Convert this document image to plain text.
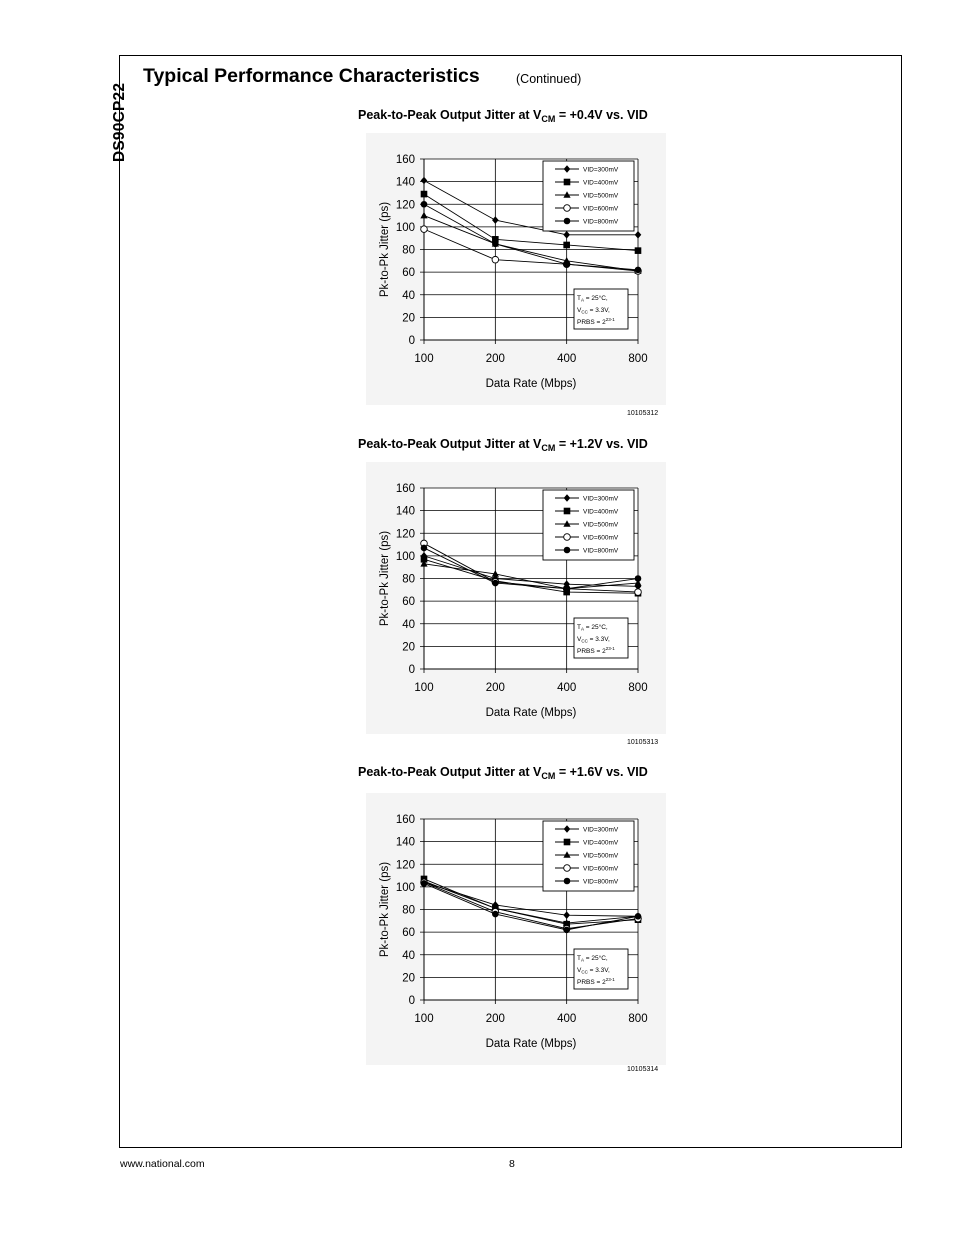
DS90CP22
Typical Performance Characteristics	(Continued)
Peak-to-Peak Output Jitter at $V_{CM} = +0.4V$ vs. VID
0
20
40
60
80
100
120
140
160
100	200	400	800
Data Rate (Mbps)
Pk-to-Pk Jitter (ps)
VID=300mV
VID=400mV
VID=500mV
VID=600mV
VID=800mV
$T_A = 25^\circ C$,
$V_{CC} = 3.3V$,
PRBS = $2^{23-1}$
10105312
Peak-to-Peak Output Jitter at $V_{CM} = +1.2V$ vs. VID
0
20
40
60
80
100
120
140
160
100	200	400	800
Data Rate (Mbps)
Pk-to-Pk Jitter (ps)
VID=300mV
VID=400mV
VID=500mV
VID=600mV
VID=800mV
$T_A = 25^\circ C$,
$V_{CC} = 3.3V$,
PRBS = $2^{23-1}$
10105313
Peak-to-Peak Output Jitter at $V_{CM} = +1.6V$ vs. VID
0
20
40
60
80
100
120
140
160
100	200	400	800
Data Rate (Mbps)
Pk-to-Pk Jitter (ps)
VID=300mV
VID=400mV
VID=500mV
VID=600mV
VID=800mV
$T_A = 25^\circ C$,
$V_{CC} = 3.3V$,
PRBS = $2^{23-1}$
10105314
www.national.com	8
